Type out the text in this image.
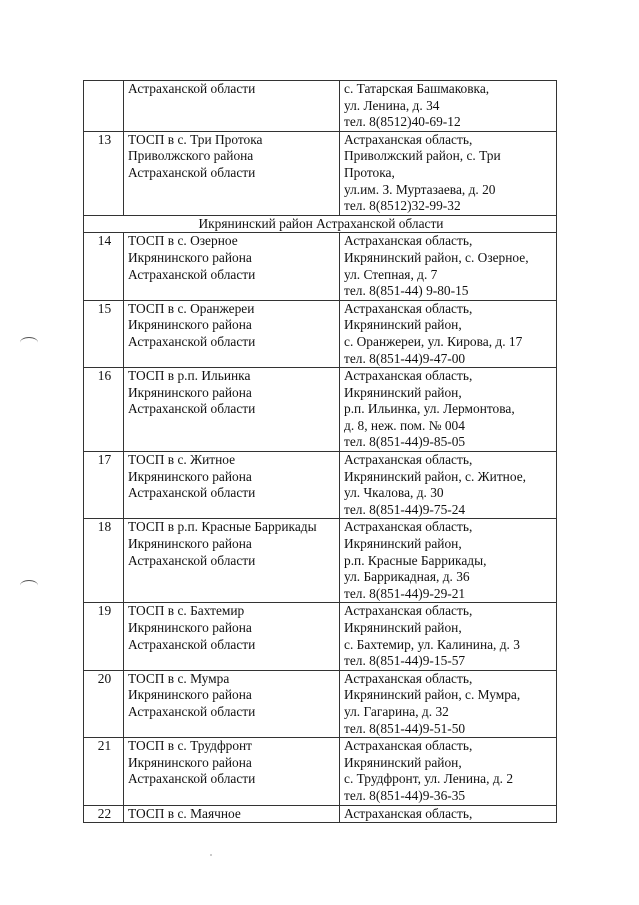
	Астраханской области	с. Татарская Башмаковка,
ул. Ленина, д. 34
тел. 8(8512)40-69-12

13	ТОСП в с. Три Протока
Приволжского района
Астраханской области	Астраханская область,
Приволжский район, с. Три
Протока,
ул.им. З. Муртазаева, д. 20
тел. 8(8512)32-99-32

Икрянинский район Астраханской области		
14	ТОСП в с. Озерное
Икрянинского района
Астраханской области	Астраханская область,
Икрянинский район, с. Озерное,
ул. Степная, д. 7
тел. 8(851-44) 9-80-15

15	ТОСП в с. Оранжереи
Икрянинского района
Астраханской области	Астраханская область,
Икрянинский район,
с. Оранжереи, ул. Кирова, д. 17
тел. 8(851-44)9-47-00

16	ТОСП в р.п. Ильинка
Икрянинского района
Астраханской области	Астраханская область,
Икрянинский район,
р.п. Ильинка, ул. Лермонтова,
д. 8, неж. пом. № 004
тел. 8(851-44)9-85-05

17	ТОСП в с. Житное
Икрянинского района
Астраханской области	Астраханская область,
Икрянинский район, с. Житное,
ул. Чкалова, д. 30
тел. 8(851-44)9-75-24

18	ТОСП в р.п. Красные Баррикады
Икрянинского района
Астраханской области	Астраханская область,
Икрянинский район,
р.п. Красные Баррикады,
ул. Баррикадная, д. 36
тел. 8(851-44)9-29-21

19	ТОСП в с. Бахтемир
Икрянинского района
Астраханской области	Астраханская область,
Икрянинский район,
с. Бахтемир, ул. Калинина, д. 3
тел. 8(851-44)9-15-57

20	ТОСП в с. Мумра
Икрянинского района
Астраханской области	Астраханская область,
Икрянинский район, с. Мумра,
ул. Гагарина, д. 32
тел. 8(851-44)9-51-50

21	ТОСП в с. Трудфронт
Икрянинского района
Астраханской области	Астраханская область,
Икрянинский район,
с. Трудфронт, ул. Ленина, д. 2
тел. 8(851-44)9-36-35

22	ТОСП в с. Маячное	Астраханская область,
